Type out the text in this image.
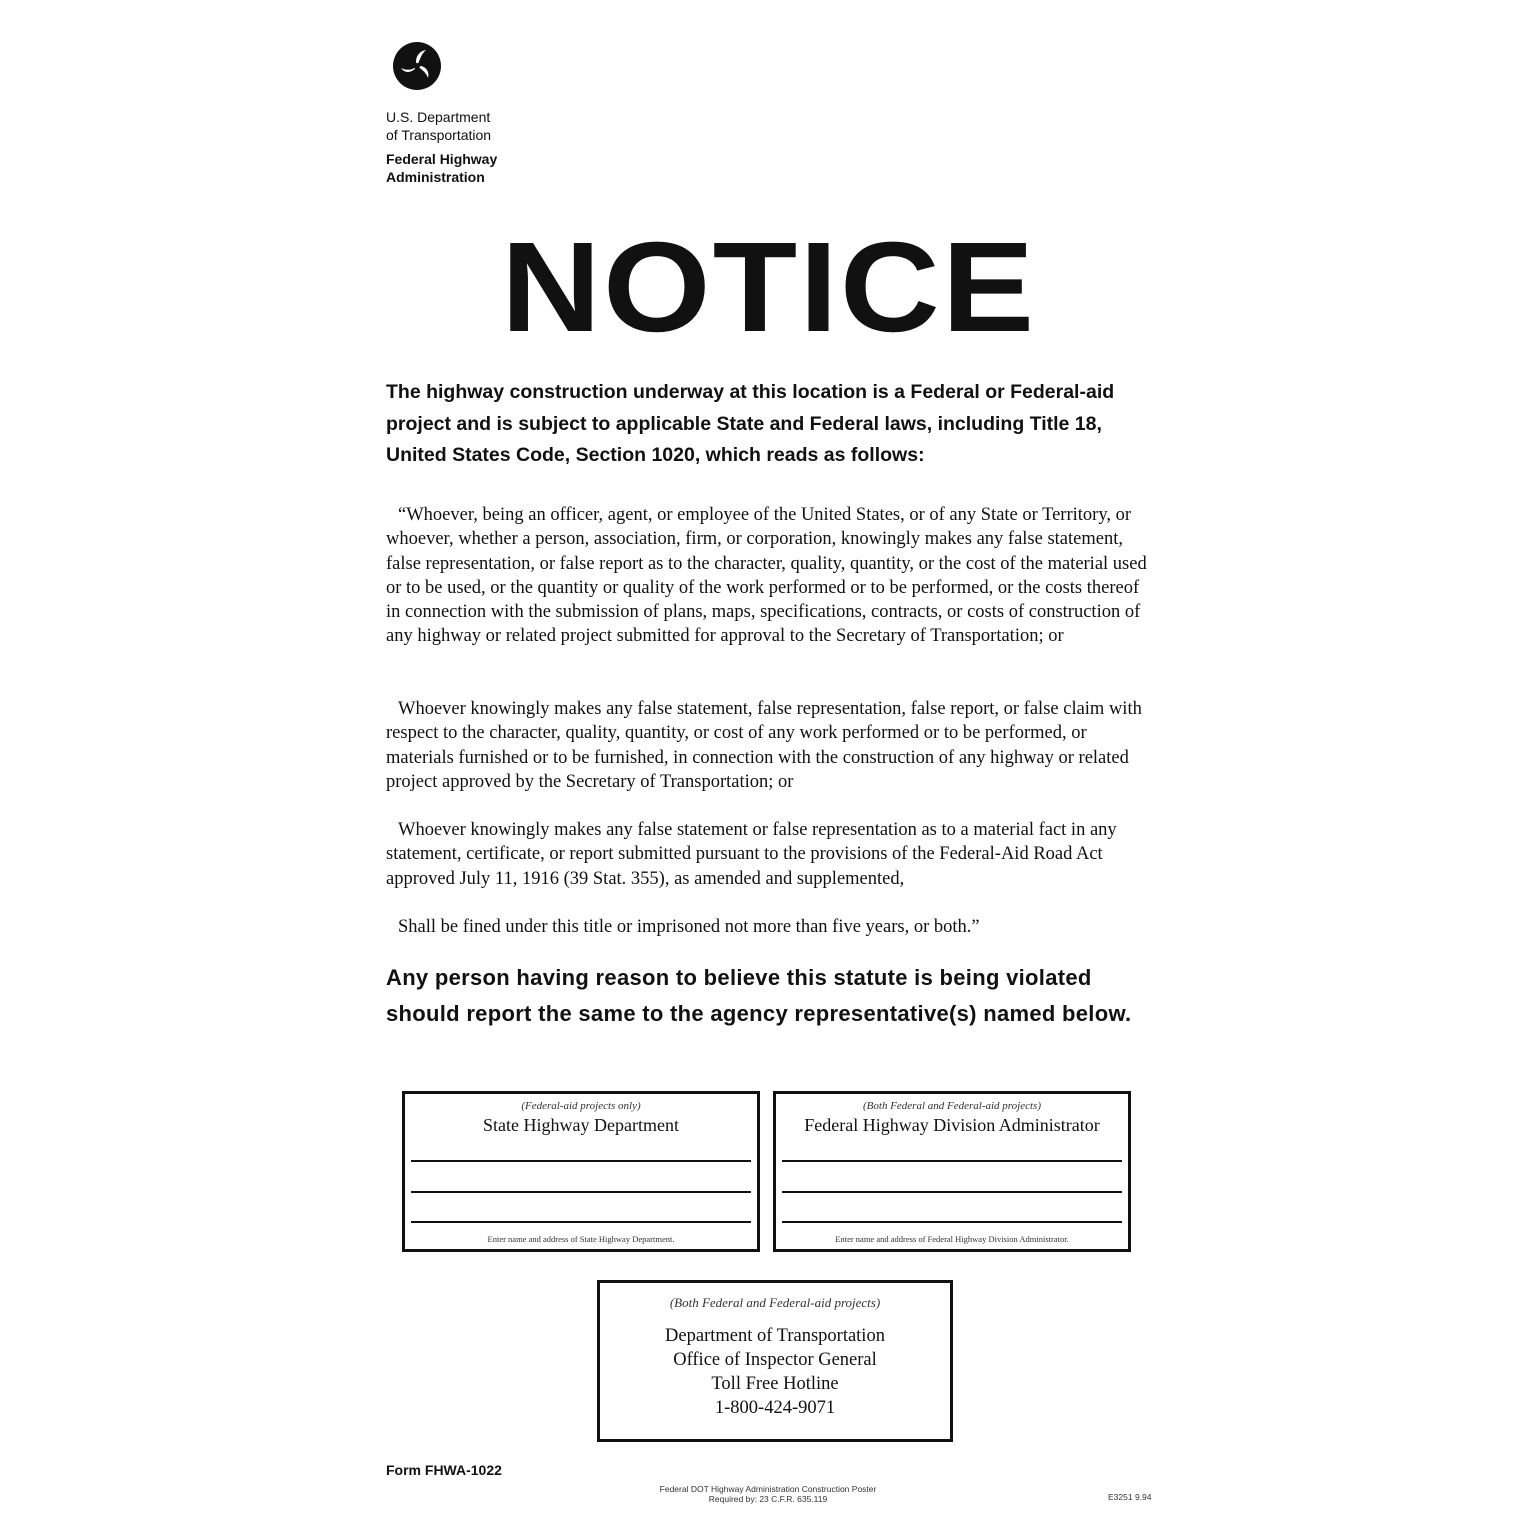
U.S. Department
of Transportation
Federal Highway
Administration
NOTICE
The highway construction underway at this location is a Federal or Federal-aid project and is subject to applicable State and Federal laws, including Title 18, United States Code, Section 1020, which reads as follows:
“Whoever, being an officer, agent, or employee of the United States, or of any State or Territory, or whoever, whether a person, association, firm, or corporation, knowingly makes any false statement, false representation, or false report as to the character, quality, quantity, or the cost of the material used or to be used, or the quantity or quality of the work performed or to be performed, or the costs thereof in connection with the submission of plans, maps, specifications, contracts, or costs of construction of any highway or related project submitted for approval to the Secretary of Transportation; or
Whoever knowingly makes any false statement, false representation, false report, or false claim with respect to the character, quality, quantity, or cost of any work performed or to be performed, or materials furnished or to be furnished, in connection with the construction of any highway or related project approved by the Secretary of Transportation; or
Whoever knowingly makes any false statement or false representation as to a material fact in any statement, certificate, or report submitted pursuant to the provisions of the Federal-Aid Road Act approved July 11, 1916 (39 Stat. 355), as amended and supplemented,
Shall be fined under this title or imprisoned not more than five years, or both.”
Any person having reason to believe this statute is being violated should report the same to the agency representative(s) named below.
(Federal-aid projects only)
State Highway Department
Enter name and address of State Highway Department.
(Both Federal and Federal-aid projects)
Federal Highway Division Administrator
Enter name and address of Federal Highway Division Administrator.
(Both Federal and Federal-aid projects)
Department of Transportation
Office of Inspector General
Toll Free Hotline
1-800-424-9071
Form FHWA-1022
Federal DOT Highway Administration Construction Poster
Required by: 23 C.F.R. 635.119	E3251 9.94
